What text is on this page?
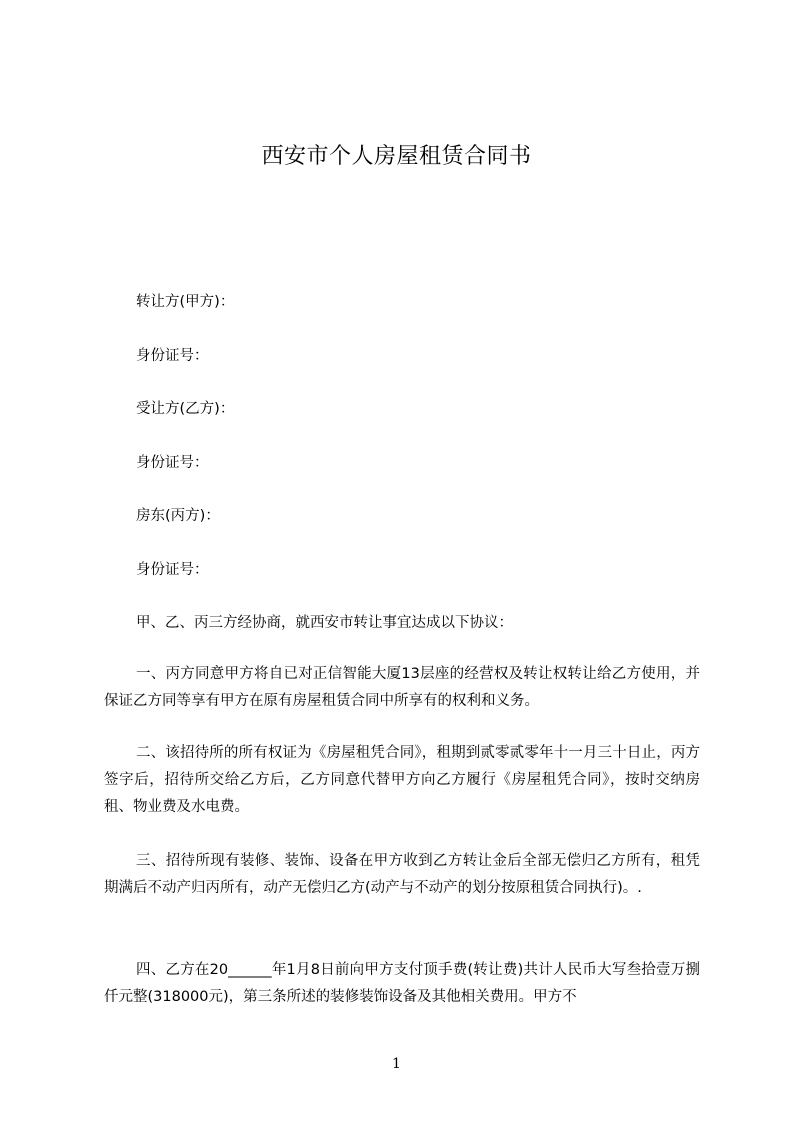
西安市个人房屋租赁合同书
转让方(甲方)：
身份证号：
受让方(乙方)：
身份证号：
房东(丙方)：
身份证号：
甲、乙、丙三方经协商，就西安市转让事宜达成以下协议：
一、丙方同意甲方将自已对正信智能大厦13层座的经营权及转让权转让给乙方使用，并保证乙方同等享有甲方在原有房屋租赁合同中所享有的权利和义务。
二、该招待所的所有权证为《房屋租凭合同》，租期到贰零贰零年十一月三十日止，丙方签字后，招待所交给乙方后，乙方同意代替甲方向乙方履行《房屋租凭合同》，按时交纳房租、物业费及水电费。
三、招待所现有装修、装饰、设备在甲方收到乙方转让金后全部无偿归乙方所有，租凭期满后不动产归丙所有，动产无偿归乙方(动产与不动产的划分按原租赁合同执行)。.
四、乙方在20______年1月8日前向甲方支付顶手费(转让费)共计人民币大写叁拾壹万捌仟元整(318000元)，第三条所述的装修装饰设备及其他相关费用。甲方不
1
